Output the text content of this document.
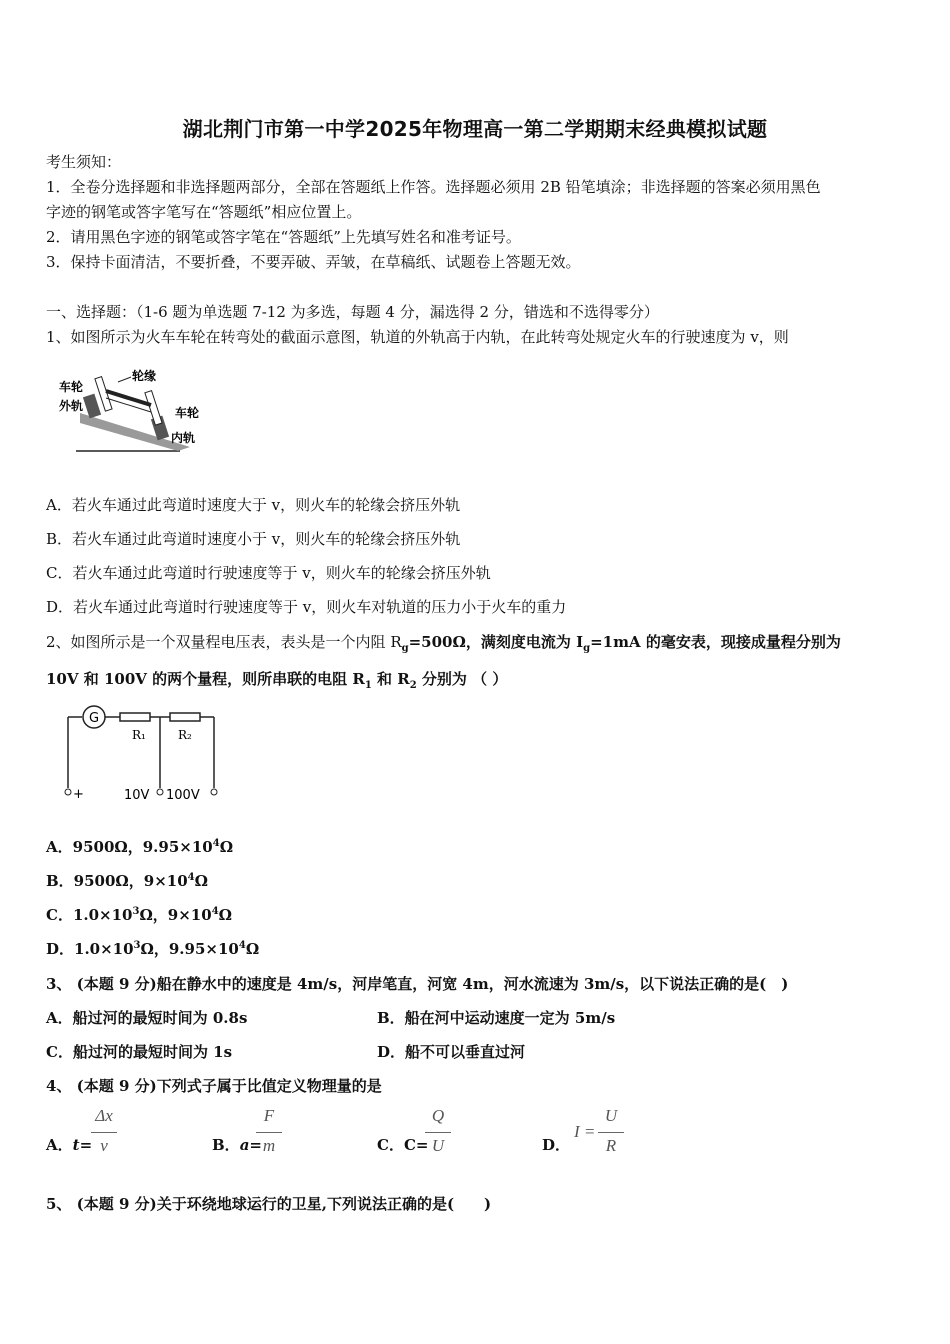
湖北荆门市第一中学2025年物理高一第二学期期末经典模拟试题
考生须知：
1．全卷分选择题和非选择题两部分，全部在答题纸上作答。选择题必须用 2B 铅笔填涂；非选择题的答案必须用黑色
字迹的钢笔或答字笔写在“答题纸”相应位置上。
2．请用黑色字迹的钢笔或答字笔在“答题纸”上先填写姓名和准考证号。
3．保持卡面清洁，不要折叠，不要弄破、弄皱，在草稿纸、试题卷上答题无效。
一、选择题：（1-6 题为单选题 7-12 为多选，每题 4 分，漏选得 2 分，错选和不选得零分）
1、如图所示为火车车轮在转弯处的截面示意图，轨道的外轨高于内轨，在此转弯处规定火车的行驶速度为 v，则
车轮
外轨
轮缘
车轮
内轨
A．若火车通过此弯道时速度大于 v，则火车的轮缘会挤压外轨
B．若火车通过此弯道时速度小于 v，则火车的轮缘会挤压外轨
C．若火车通过此弯道时行驶速度等于 v，则火车的轮缘会挤压外轨
D．若火车通过此弯道时行驶速度等于 v，则火车对轨道的压力小于火车的重力
2、如图所示是一个双量程电压表，表头是一个内阻 $R_g=500\Omega$，满刻度电流为 $I_g=1mA$ 的毫安表，现接成量程分别为
10V 和 100V 的两个量程，则所串联的电阻 $R_1$ 和 $R_2$ 分别为 （ ）
G
R₁	R₂
+	10V 100V
A．9500Ω，$9.95\times 10^4\Omega$
B．9500Ω，$9\times 10^4\Omega$
C．$1.0\times 10^3\Omega$，$9\times 10^4\Omega$
D．$1.0\times 10^3\Omega$，$9.95\times 10^4\Omega$
3、 (本题 9 分)船在静水中的速度是 4m/s，河岸笔直，河宽 4m，河水流速为 3m/s，以下说法正确的是(　)
A．船过河的最短时间为 0.8s	B．船在河中运动速度一定为 5m/s
C．船过河的最短时间为 1s	D．船不可以垂直过河
4、 (本题 9 分)下列式子属于比值定义物理量的是
A．t=
Δx
v	B．a=
F
m	C．C=
Q
U	D．
I =
U
R
5、 (本题 9 分)关于环绕地球运行的卫星,下列说法正确的是(　　)
